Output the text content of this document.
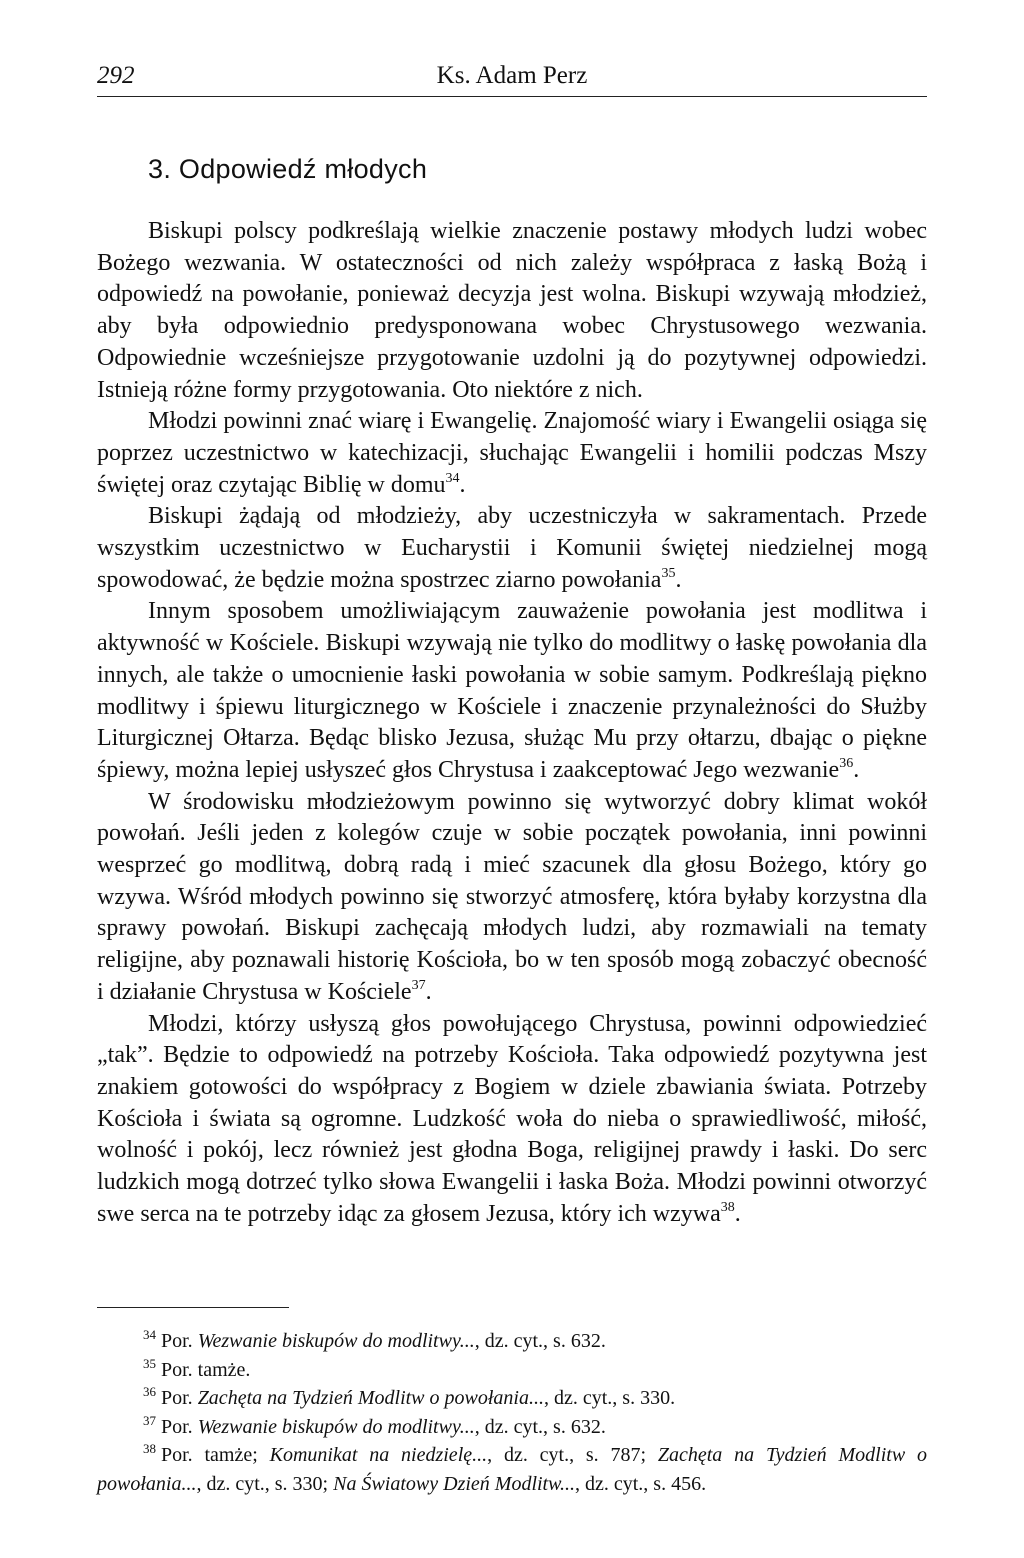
292	Ks. Adam Perz
3. Odpowiedź młodych

Biskupi polscy podkreślają wielkie znaczenie postawy młodych ludzi wobec Bożego wezwania. W ostateczności od nich zależy współpraca z łaską Bożą i odpowiedź na powołanie, ponieważ decyzja jest wolna. Biskupi wzywają młodzież, aby była odpowiednio predysponowana wobec Chrystusowego wezwania. Odpowiednie wcześniejsze przygotowanie uzdolni ją do pozytywnej odpowiedzi. Istnieją różne formy przygotowania. Oto niektóre z nich.

Młodzi powinni znać wiarę i Ewangelię. Znajomość wiary i Ewangelii osiąga się poprzez uczestnictwo w katechizacji, słuchając Ewangelii i homilii podczas Mszy świętej oraz czytając Biblię w domu$^{34}$.

Biskupi żądają od młodzieży, aby uczestniczyła w sakramentach. Przede wszystkim uczestnictwo w Eucharystii i Komunii świętej niedzielnej mogą spowodować, że będzie można spostrzec ziarno powołania$^{35}$.

Innym sposobem umożliwiającym zauważenie powołania jest modlitwa i aktywność w Kościele. Biskupi wzywają nie tylko do modlitwy o łaskę powołania dla innych, ale także o umocnienie łaski powołania w sobie samym. Podkreślają piękno modlitwy i śpiewu liturgicznego w Kościele i znaczenie przynależności do Służby Liturgicznej Ołtarza. Będąc blisko Jezusa, służąc Mu przy ołtarzu, dbając o piękne śpiewy, można lepiej usłyszeć głos Chrystusa i zaakceptować Jego wezwanie$^{36}$.

W środowisku młodzieżowym powinno się wytworzyć dobry klimat wokół powołań. Jeśli jeden z kolegów czuje w sobie początek powołania, inni powinni wesprzeć go modlitwą, dobrą radą i mieć szacunek dla głosu Bożego, który go wzywa. Wśród młodych powinno się stworzyć atmosferę, która byłaby korzystna dla sprawy powołań. Biskupi zachęcają młodych ludzi, aby rozmawiali na tematy religijne, aby poznawali historię Kościoła, bo w ten sposób mogą zobaczyć obecność i działanie Chrystusa w Kościele$^{37}$.

Młodzi, którzy usłyszą głos powołującego Chrystusa, powinni odpowiedzieć „tak”. Będzie to odpowiedź na potrzeby Kościoła. Taka odpowiedź pozytywna jest znakiem gotowości do współpracy z Bogiem w dziele zbawiania świata. Potrzeby Kościoła i świata są ogromne. Ludzkość woła do nieba o sprawiedliwość, miłość, wolność i pokój, lecz również jest głodna Boga, religijnej prawdy i łaski. Do serc ludzkich mogą dotrzeć tylko słowa Ewangelii i łaska Boża. Młodzi powinni otworzyć swe serca na te potrzeby idąc za głosem Jezusa, który ich wzywa$^{38}$.

$^{34}$ Por. Wezwanie biskupów do modlitwy..., dz. cyt., s. 632.

$^{35}$ Por. tamże.

$^{36}$ Por. Zachęta na Tydzień Modlitw o powołania..., dz. cyt., s. 330.

$^{37}$ Por. Wezwanie biskupów do modlitwy..., dz. cyt., s. 632.

$^{38}$ Por. tamże; Komunikat na niedzielę..., dz. cyt., s. 787; Zachęta na Tydzień Modlitw o powołania..., dz. cyt., s. 330; Na Światowy Dzień Modlitw..., dz. cyt., s. 456.
